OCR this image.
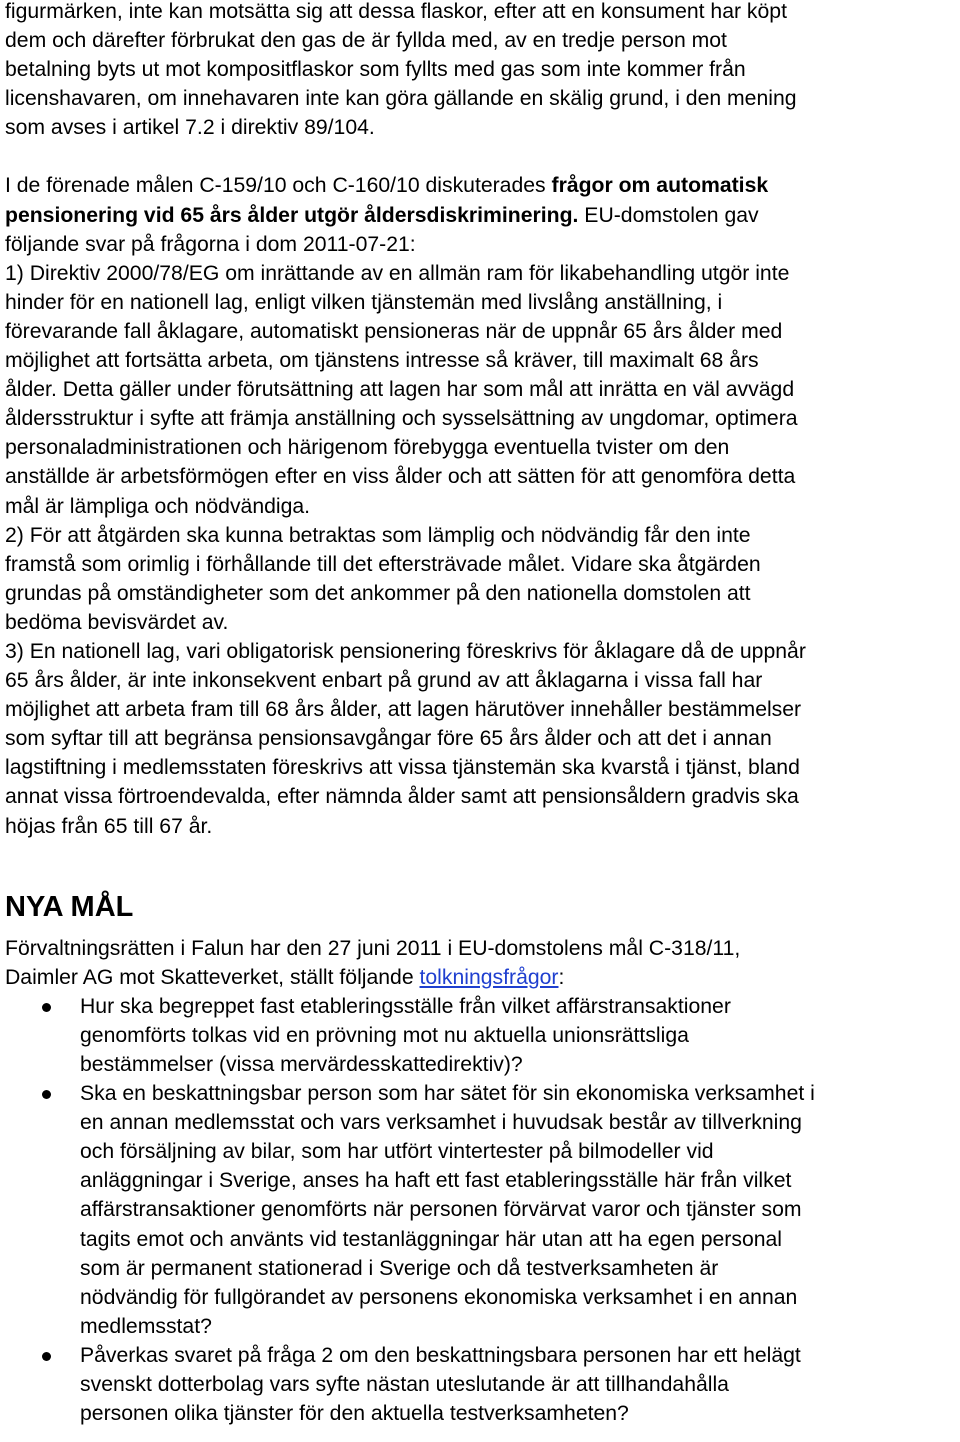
figurmärken, inte kan motsätta sig att dessa flaskor, efter att en konsument har köpt
dem och därefter förbrukat den gas de är fyllda med, av en tredje person mot
betalning byts ut mot kompositflaskor som fyllts med gas som inte kommer från
licenshavaren, om innehavaren inte kan göra gällande en skälig grund, i den mening
som avses i artikel 7.2 i direktiv 89/104.
I de förenade målen C-159/10 och C-160/10 diskuterades frågor om automatisk
pensionering vid 65 års ålder utgör åldersdiskriminering. EU-domstolen gav
följande svar på frågorna i dom 2011-07-21:
1) Direktiv 2000/78/EG om inrättande av en allmän ram för likabehandling utgör inte
hinder för en nationell lag, enligt vilken tjänstemän med livslång anställning, i
förevarande fall åklagare, automatiskt pensioneras när de uppnår 65 års ålder med
möjlighet att fortsätta arbeta, om tjänstens intresse så kräver, till maximalt 68 års
ålder. Detta gäller under förutsättning att lagen har som mål att inrätta en väl avvägd
åldersstruktur i syfte att främja anställning och sysselsättning av ungdomar, optimera
personaladministrationen och härigenom förebygga eventuella tvister om den
anställde är arbetsförmögen efter en viss ålder och att sätten för att genomföra detta
mål är lämpliga och nödvändiga.
2) För att åtgärden ska kunna betraktas som lämplig och nödvändig får den inte
framstå som orimlig i förhållande till det eftersträvade målet. Vidare ska åtgärden
grundas på omständigheter som det ankommer på den nationella domstolen att
bedöma bevisvärdet av.
3) En nationell lag, vari obligatorisk pensionering föreskrivs för åklagare då de uppnår
65 års ålder, är inte inkonsekvent enbart på grund av att åklagarna i vissa fall har
möjlighet att arbeta fram till 68 års ålder, att lagen härutöver innehåller bestämmelser
som syftar till att begränsa pensionsavgångar före 65 års ålder och att det i annan
lagstiftning i medlemsstaten föreskrivs att vissa tjänstemän ska kvarstå i tjänst, bland
annat vissa förtroendevalda, efter nämnda ålder samt att pensionsåldern gradvis ska
höjas från 65 till 67 år.
NYA MÅL
Förvaltningsrätten i Falun har den 27 juni 2011 i EU-domstolens mål C-318/11,
Daimler AG mot Skatteverket, ställt följande tolkningsfrågor:
Hur ska begreppet fast etableringsställe från vilket affärstransaktioner
genomförts tolkas vid en prövning mot nu aktuella unionsrättsliga
bestämmelser (vissa mervärdesskattedirektiv)?
Ska en beskattningsbar person som har sätet för sin ekonomiska verksamhet i
en annan medlemsstat och vars verksamhet i huvudsak består av tillverkning
och försäljning av bilar, som har utfört vintertester på bilmodeller vid
anläggningar i Sverige, anses ha haft ett fast etableringsställe här från vilket
affärstransaktioner genomförts när personen förvärvat varor och tjänster som
tagits emot och använts vid testanläggningar här utan att ha egen personal
som är permanent stationerad i Sverige och då testverksamheten är
nödvändig för fullgörandet av personens ekonomiska verksamhet i en annan
medlemsstat?
Påverkas svaret på fråga 2 om den beskattningsbara personen har ett helägt
svenskt dotterbolag vars syfte nästan uteslutande är att tillhandahålla
personen olika tjänster för den aktuella testverksamheten?
